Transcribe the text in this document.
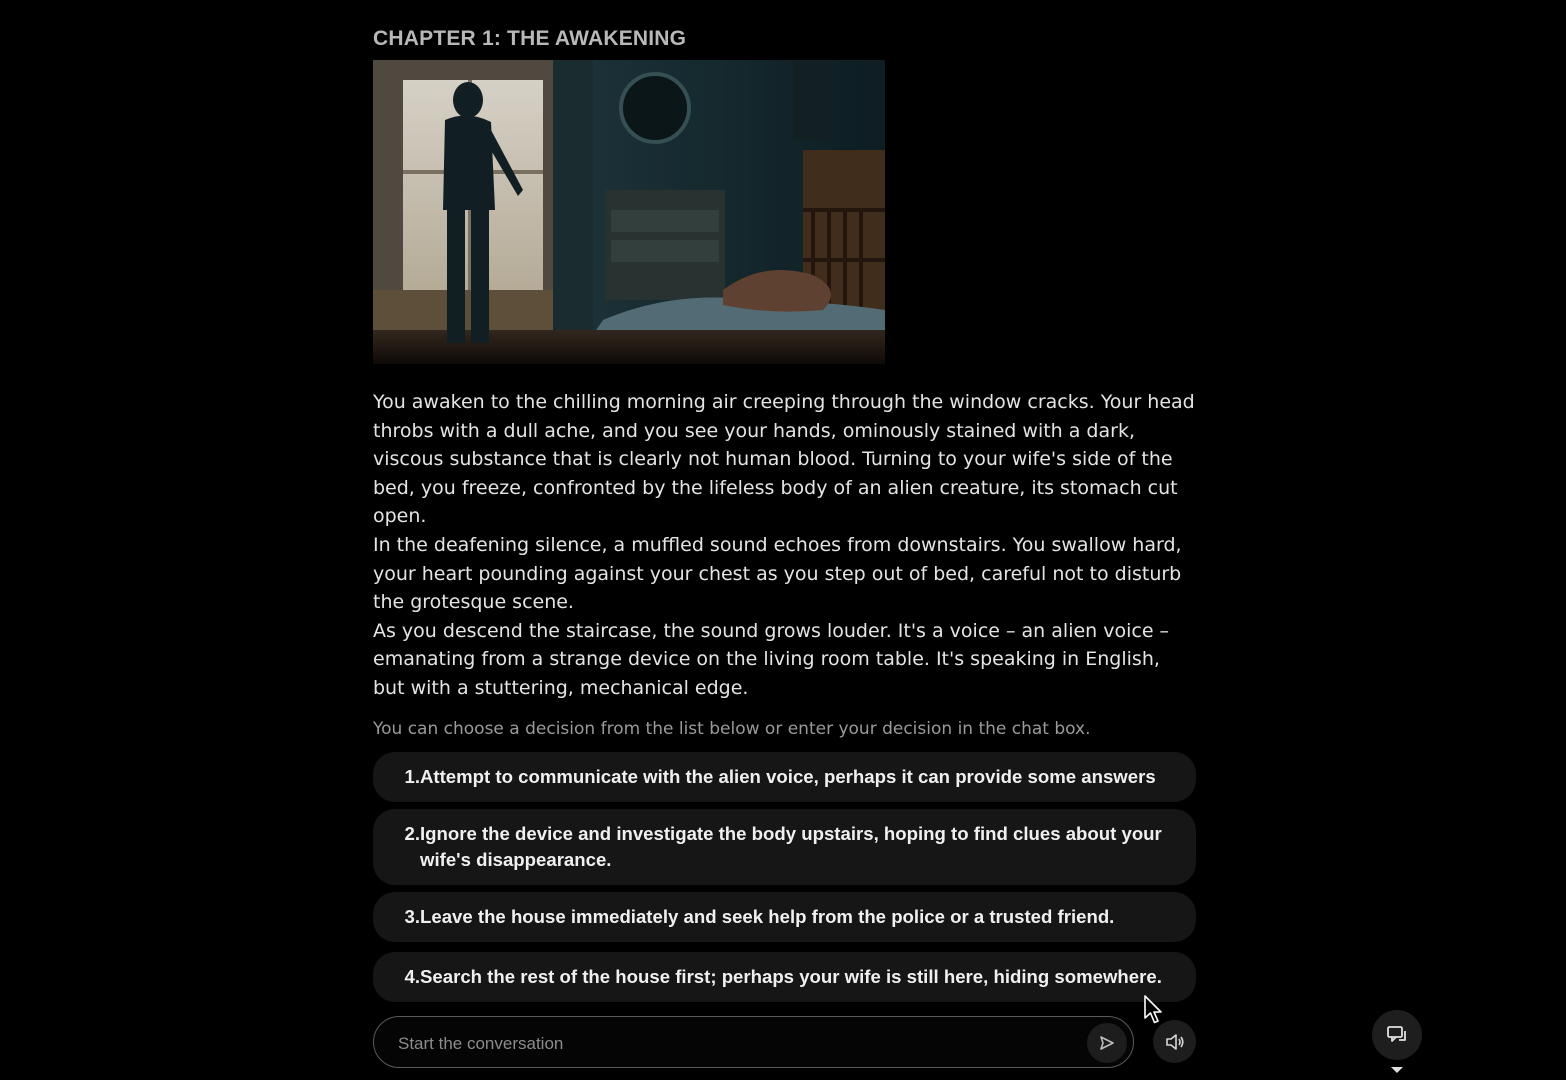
CHAPTER 1: THE AWAKENING

You awaken to the chilling morning air creeping through the window cracks. Your head throbs with a dull ache, and you see your hands, ominously stained with a dark, viscous substance that is clearly not human blood. Turning to your wife's side of the bed, you freeze, confronted by the lifeless body of an alien creature, its stomach cut open.

In the deafening silence, a muffled sound echoes from downstairs. You swallow hard, your heart pounding against your chest as you step out of bed, careful not to disturb the grotesque scene.

As you descend the staircase, the sound grows louder. It's a voice – an alien voice – emanating from a strange device on the living room table. It's speaking in English, but with a stuttering, mechanical edge.

You can choose a decision from the list below or enter your decision in the chat box.
1. Attempt to communicate with the alien voice, perhaps it can provide some answers
2. Ignore the device and investigate the body upstairs, hoping to find clues about your wife's disappearance.
3. Leave the house immediately and seek help from the police or a trusted friend.
4. Search the rest of the house first; perhaps your wife is still here, hiding somewhere.
Start the conversation
